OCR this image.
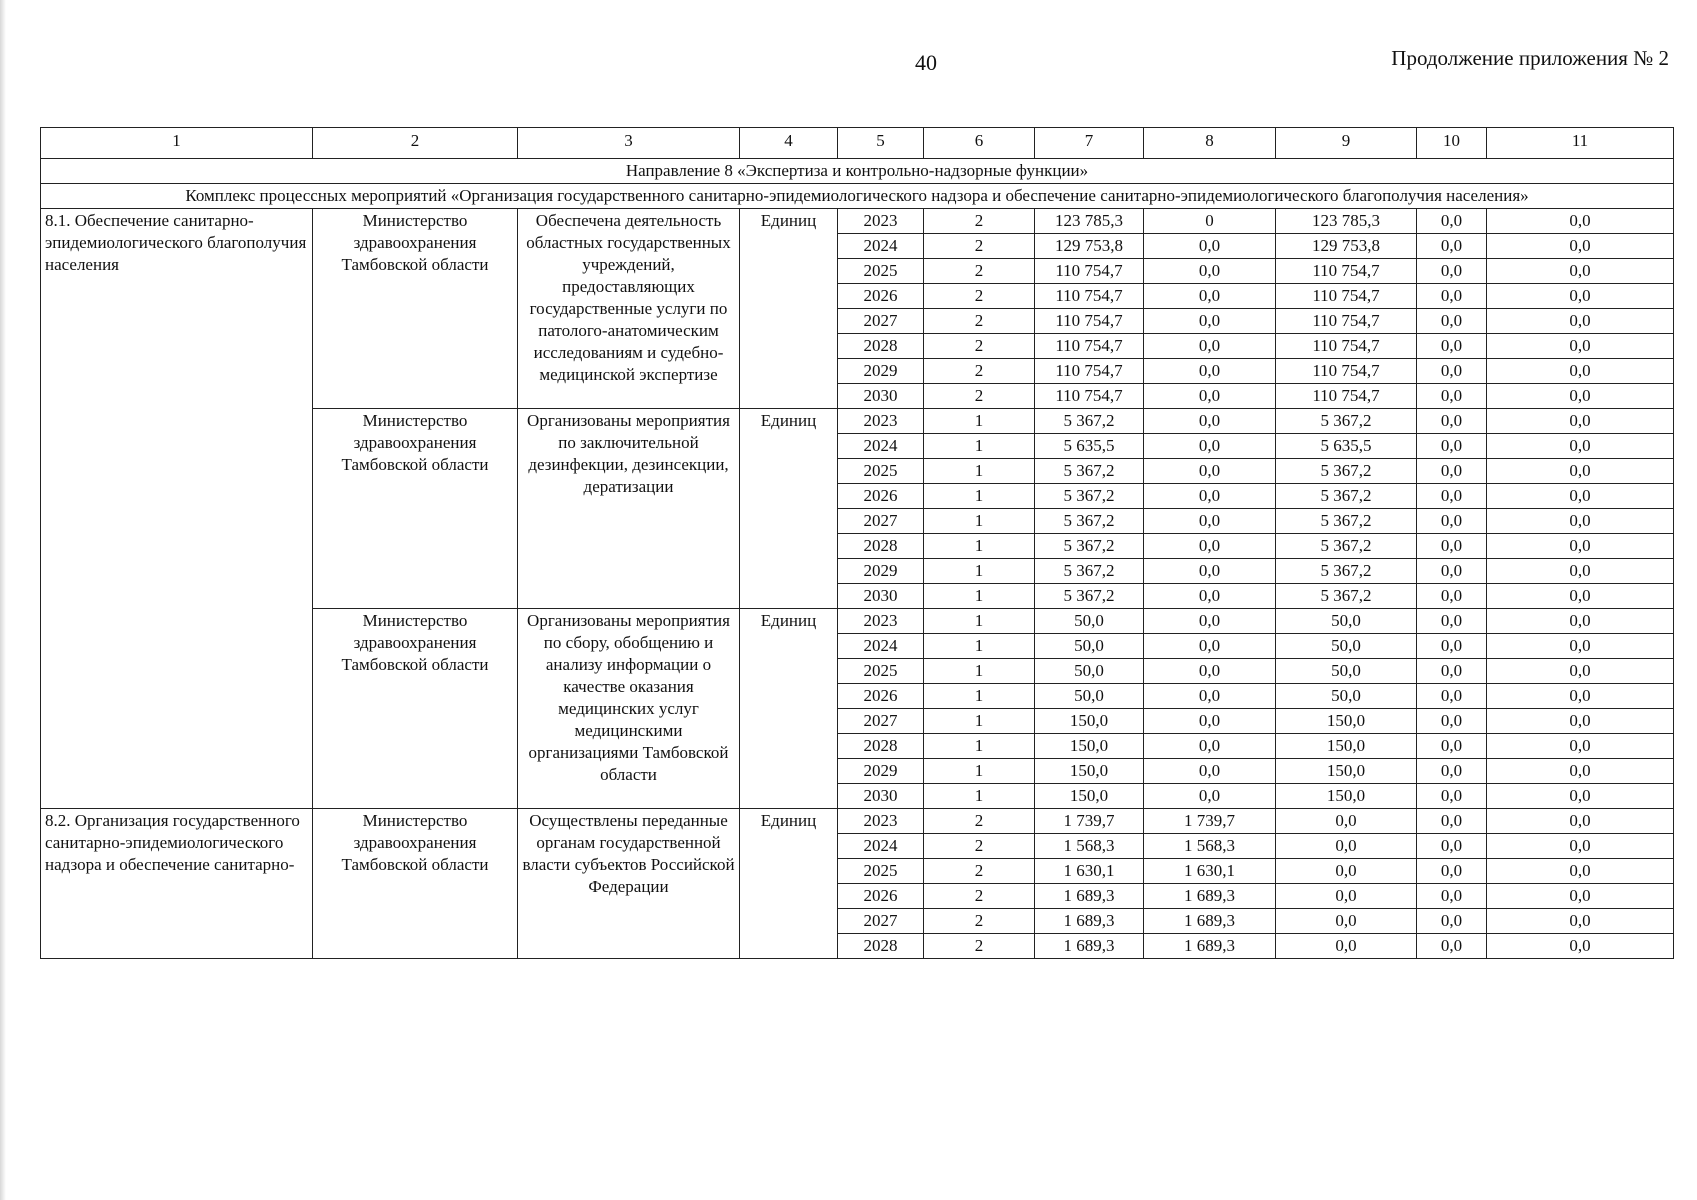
40	Продолжение приложения № 2
1	2	3	4	5	6	7	8	9	10	11
Направление 8 «Экспертиза и контрольно-надзорные функции»										
Комплекс процессных мероприятий «Организация государственного санитарно-эпидемиологического надзора и обеспечение санитарно-эпидемиологического благополучия населения»										
8.1. Обеспечение санитарно-эпидемиологического благополучия населения	Министерство здравоохранения Тамбовской области	Обеспечена деятельность областных государственных учреждений, предоставляющих государственные услуги по патолого-анатомическим исследованиям и судебно-медицинской экспертизе	Единиц	2023	2	123 785,3	0	123 785,3	0,0	0,0
				2024	2	129 753,8	0,0	129 753,8	0,0	0,0
				2025	2	110 754,7	0,0	110 754,7	0,0	0,0
				2026	2	110 754,7	0,0	110 754,7	0,0	0,0
				2027	2	110 754,7	0,0	110 754,7	0,0	0,0
				2028	2	110 754,7	0,0	110 754,7	0,0	0,0
				2029	2	110 754,7	0,0	110 754,7	0,0	0,0
				2030	2	110 754,7	0,0	110 754,7	0,0	0,0
	Министерство здравоохранения Тамбовской области	Организованы мероприятия по заключительной дезинфекции, дезинсекции, дератизации	Единиц	2023	1	5 367,2	0,0	5 367,2	0,0	0,0
				2024	1	5 635,5	0,0	5 635,5	0,0	0,0
				2025	1	5 367,2	0,0	5 367,2	0,0	0,0
				2026	1	5 367,2	0,0	5 367,2	0,0	0,0
				2027	1	5 367,2	0,0	5 367,2	0,0	0,0
				2028	1	5 367,2	0,0	5 367,2	0,0	0,0
				2029	1	5 367,2	0,0	5 367,2	0,0	0,0
				2030	1	5 367,2	0,0	5 367,2	0,0	0,0
	Министерство здравоохранения Тамбовской области	Организованы мероприятия по сбору, обобщению и анализу информации о качестве оказания медицинских услуг медицинскими организациями Тамбовской области	Единиц	2023	1	50,0	0,0	50,0	0,0	0,0
				2024	1	50,0	0,0	50,0	0,0	0,0
				2025	1	50,0	0,0	50,0	0,0	0,0
				2026	1	50,0	0,0	50,0	0,0	0,0
				2027	1	150,0	0,0	150,0	0,0	0,0
				2028	1	150,0	0,0	150,0	0,0	0,0
				2029	1	150,0	0,0	150,0	0,0	0,0
				2030	1	150,0	0,0	150,0	0,0	0,0
8.2. Организация государственного санитарно-эпидемиологического надзора и обеспечение санитарно-	Министерство здравоохранения Тамбовской области	Осуществлены переданные органам государственной власти субъектов Российской Федерации	Единиц	2023	2	1 739,7	1 739,7	0,0	0,0	0,0
				2024	2	1 568,3	1 568,3	0,0	0,0	0,0
				2025	2	1 630,1	1 630,1	0,0	0,0	0,0
				2026	2	1 689,3	1 689,3	0,0	0,0	0,0
				2027	2	1 689,3	1 689,3	0,0	0,0	0,0
				2028	2	1 689,3	1 689,3	0,0	0,0	0,0
